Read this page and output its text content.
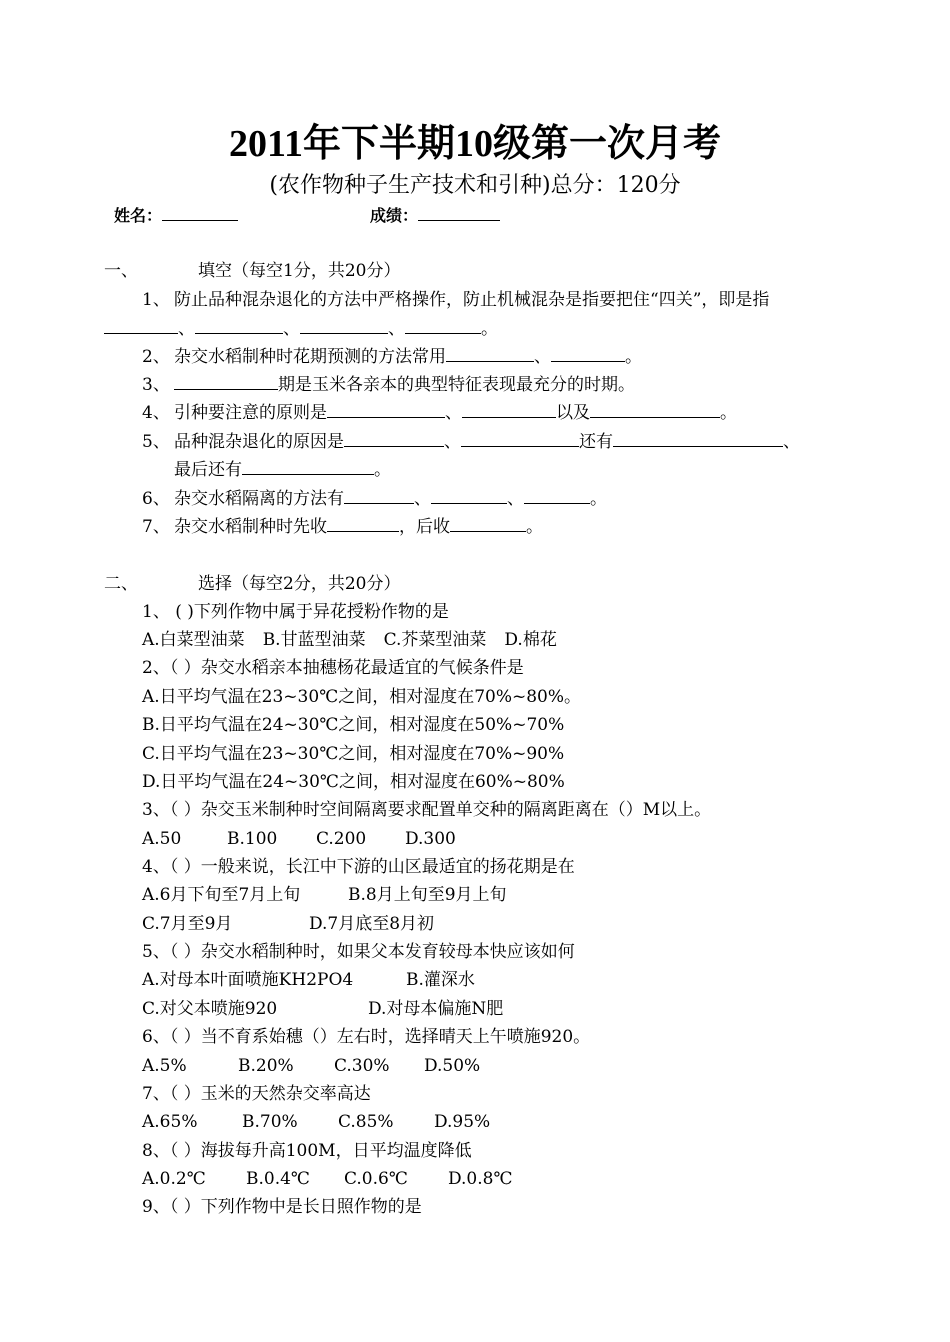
2011年下半期10级第一次月考
(农作物种子生产技术和引种)总分：120分
姓名：	成绩：
一、	填空（每空1分，共20分）
1、 防止品种混杂退化的方法中严格操作，防止机械混杂是指要把住“四关”，即是指
、	、	、	。
2、 杂交水稻制种时花期预测的方法常用	、	。
3、	期是玉米各亲本的典型特征表现最充分的时期。
4、 引种要注意的原则是	、	以及	。
5、 品种混杂退化的原因是	、	还有	、
最后还有	。
6、 杂交水稻隔离的方法有	、	、	。
7、 杂交水稻制种时先收	，后收	。
二、	选择（每空2分，共20分）
1、 ( )下列作物中属于异花授粉作物的是
A.白菜型油菜 B.甘蓝型油菜 C.芥菜型油菜 D.棉花
2、（ ）杂交水稻亲本抽穗杨花最适宜的气候条件是
A.日平均气温在23~30℃之间，相对湿度在70%~80%。
B.日平均气温在24~30℃之间，相对湿度在50%~70%
C.日平均气温在23~30℃之间，相对湿度在70%~90%
D.日平均气温在24~30℃之间，相对湿度在60%~80%
3、（ ）杂交玉米制种时空间隔离要求配置单交种的隔离距离在（）M以上。
A.50	B.100 C.200 D.300
4、（ ）一般来说，长江中下游的山区最适宜的扬花期是在
A.6月下旬至7月上旬	B.8月上旬至9月上旬
C.7月至9月	D.7月底至8月初
5、（ ）杂交水稻制种时，如果父本发育较母本快应该如何
A.对母本叶面喷施KH2PO4	B.灌深水
C.对父本喷施920	D.对母本偏施N肥
6、（ ）当不育系始穗（）左右时，选择晴天上午喷施920。
A.5%	B.20% C.30% D.50%
7、（ ）玉米的天然杂交率高达
A.65%	B.70% C.85% D.95%
8、（ ）海拔每升高100M，日平均温度降低
A.0.2℃ B.0.4℃ C.0.6℃ D.0.8℃
9、（ ）下列作物中是长日照作物的是
